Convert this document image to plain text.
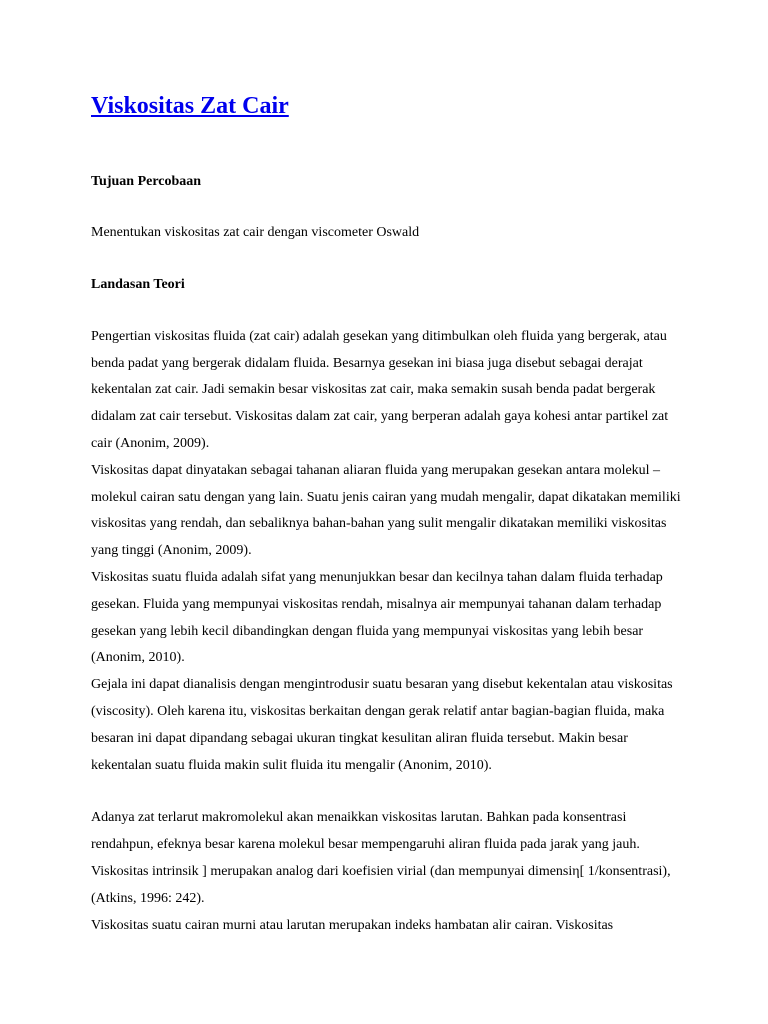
Viskositas Zat Cair

Tujuan Percobaan

Menentukan viskositas zat cair dengan viscometer Oswald

Landasan Teori

Pengertian viskositas fluida (zat cair) adalah gesekan yang ditimbulkan oleh fluida yang bergerak, atau benda padat yang bergerak didalam fluida. Besarnya gesekan ini biasa juga disebut sebagai derajat kekentalan zat cair. Jadi semakin besar viskositas zat cair, maka semakin susah benda padat bergerak didalam zat cair tersebut. Viskositas dalam zat cair, yang berperan adalah gaya kohesi antar partikel zat cair (Anonim, 2009).

Viskositas dapat dinyatakan sebagai tahanan aliaran fluida yang merupakan gesekan antara molekul – molekul cairan satu dengan yang lain. Suatu jenis cairan yang mudah mengalir, dapat dikatakan memiliki viskositas yang rendah, dan sebaliknya bahan-bahan yang sulit mengalir dikatakan memiliki viskositas yang tinggi (Anonim, 2009).

Viskositas suatu fluida adalah sifat yang menunjukkan besar dan kecilnya tahan dalam fluida terhadap gesekan. Fluida yang mempunyai viskositas rendah, misalnya air mempunyai tahanan dalam terhadap gesekan yang lebih kecil dibandingkan dengan fluida yang mempunyai viskositas yang lebih besar (Anonim, 2010).

Gejala ini dapat dianalisis dengan mengintrodusir suatu besaran yang disebut kekentalan atau viskositas (viscosity). Oleh karena itu, viskositas berkaitan dengan gerak relatif antar bagian-bagian fluida, maka besaran ini dapat dipandang sebagai ukuran tingkat kesulitan aliran fluida tersebut. Makin besar kekentalan suatu fluida makin sulit fluida itu mengalir (Anonim, 2010).

Adanya zat terlarut makromolekul akan menaikkan viskositas larutan. Bahkan pada konsentrasi rendahpun, efeknya besar karena molekul besar mempengaruhi aliran fluida pada jarak yang jauh. Viskositas intrinsik ] merupakan analog dari koefisien virial (dan mempunyai dimensiη[ 1/konsentrasi), (Atkins, 1996: 242).

Viskositas suatu cairan murni atau larutan merupakan indeks hambatan alir cairan. Viskositas
